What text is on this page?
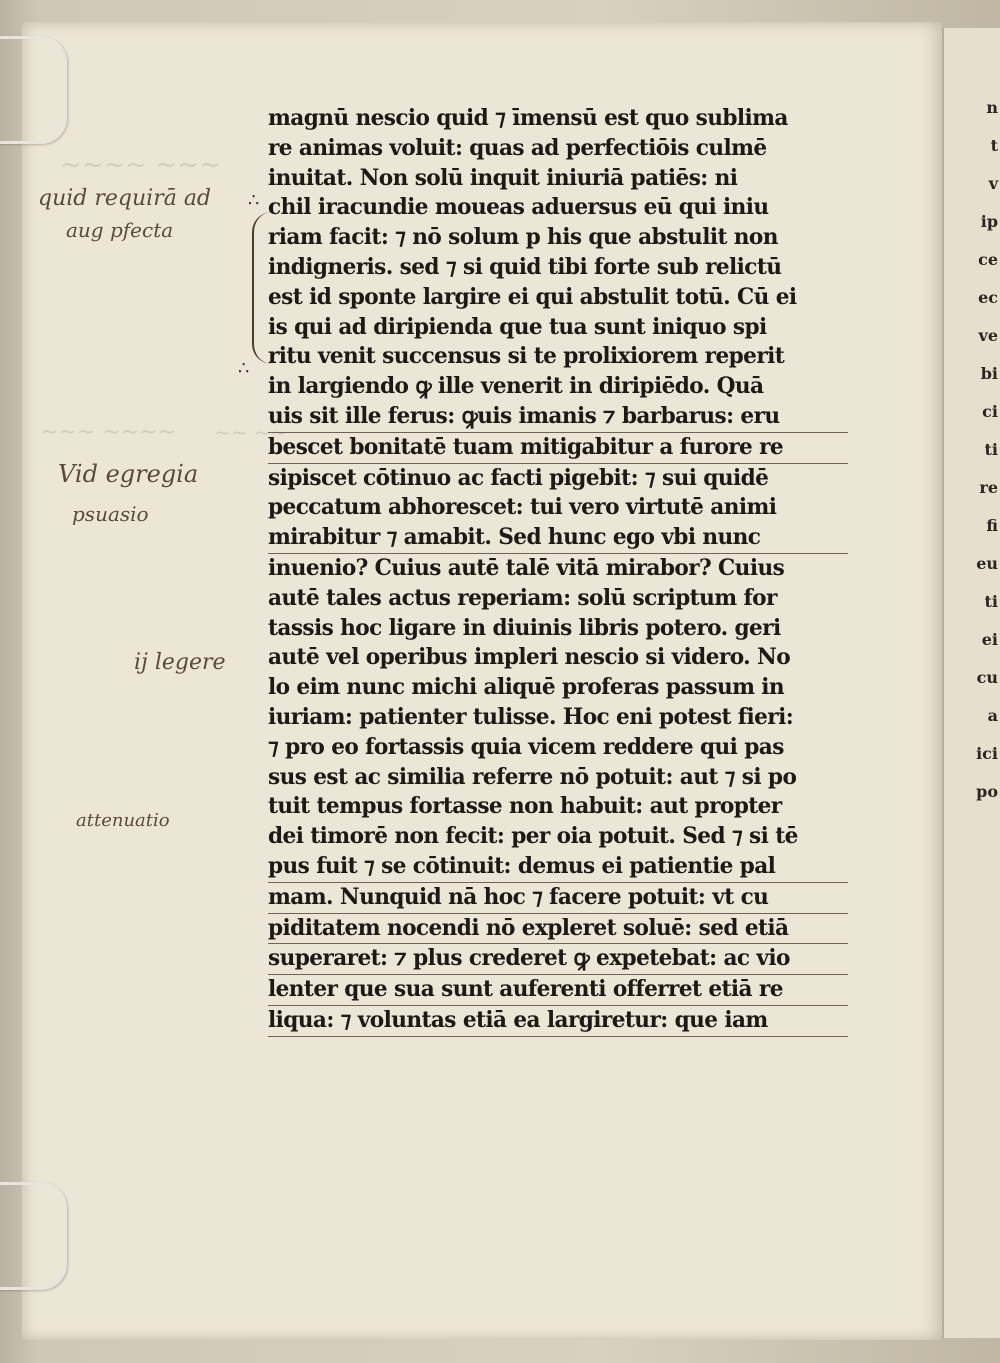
n
t
v
ip
ce
ec
ve
bi
ci
ti
re
fi
eu
ti
ei
cu
a
ici
po
~~~~ ~~~
~~~ ~~~~ ~~ ~~
quid requirā ad
aug pfecta
∴
∴
Vid egregia
psuasio
ij legere
attenuatio
magnū nescio quid ⁊ īmensū est quo sublima
re animas voluit: quas ad perfectiōis culmē
inuitat. Non solū inquit iniuriā patiēs: ni
chil iracundie moueas aduersus eū qui iniu
riam facit: ⁊ nō solum p his que abstulit non
indigneris. sed ⁊ si quid tibi forte sub relictū
est id sponte largire ei qui abstulit totū. Cū ei
is qui ad diripienda que tua sunt iniquo spi
ritu venit succensus si te prolixiorem reperit
in largiendo ꝙ ille venerit in diripiēdo. Quā
uis sit ille ferus: ꝙuis imanis ⁊ barbarus: eru
bescet bonitatē tuam mitigabitur a furore re
sipiscet cōtinuo ac facti pigebit: ⁊ sui quidē
peccatum abhorescet: tui vero virtutē animi
mirabitur ⁊ amabit. Sed hunc ego vbi nunc
inuenio? Cuius autē talē vitā mirabor? Cuius
autē tales actus reperiam: solū scriptum for
tassis hoc ligare in diuinis libris potero. geri
autē vel operibus impleri nescio si videro. No
lo eim nunc michi aliquē proferas passum in
iuriam: patienter tulisse. Hoc eni potest fieri:
⁊ pro eo fortassis quia vicem reddere qui pas
sus est ac similia referre nō potuit: aut ⁊ si po
tuit tempus fortasse non habuit: aut propter
dei timorē non fecit: per oia potuit. Sed ⁊ si tē
pus fuit ⁊ se cōtinuit: demus ei patientie pal
mam. Nunquid nā hoc ⁊ facere potuit: vt cu
piditatem nocendi nō expleret soluē: sed etiā
superaret: ⁊ plus crederet ꝙ expetebat: ac vio
lenter que sua sunt auferenti offerret etiā re
liqua: ⁊ voluntas etiā ea largiretur: que iam
